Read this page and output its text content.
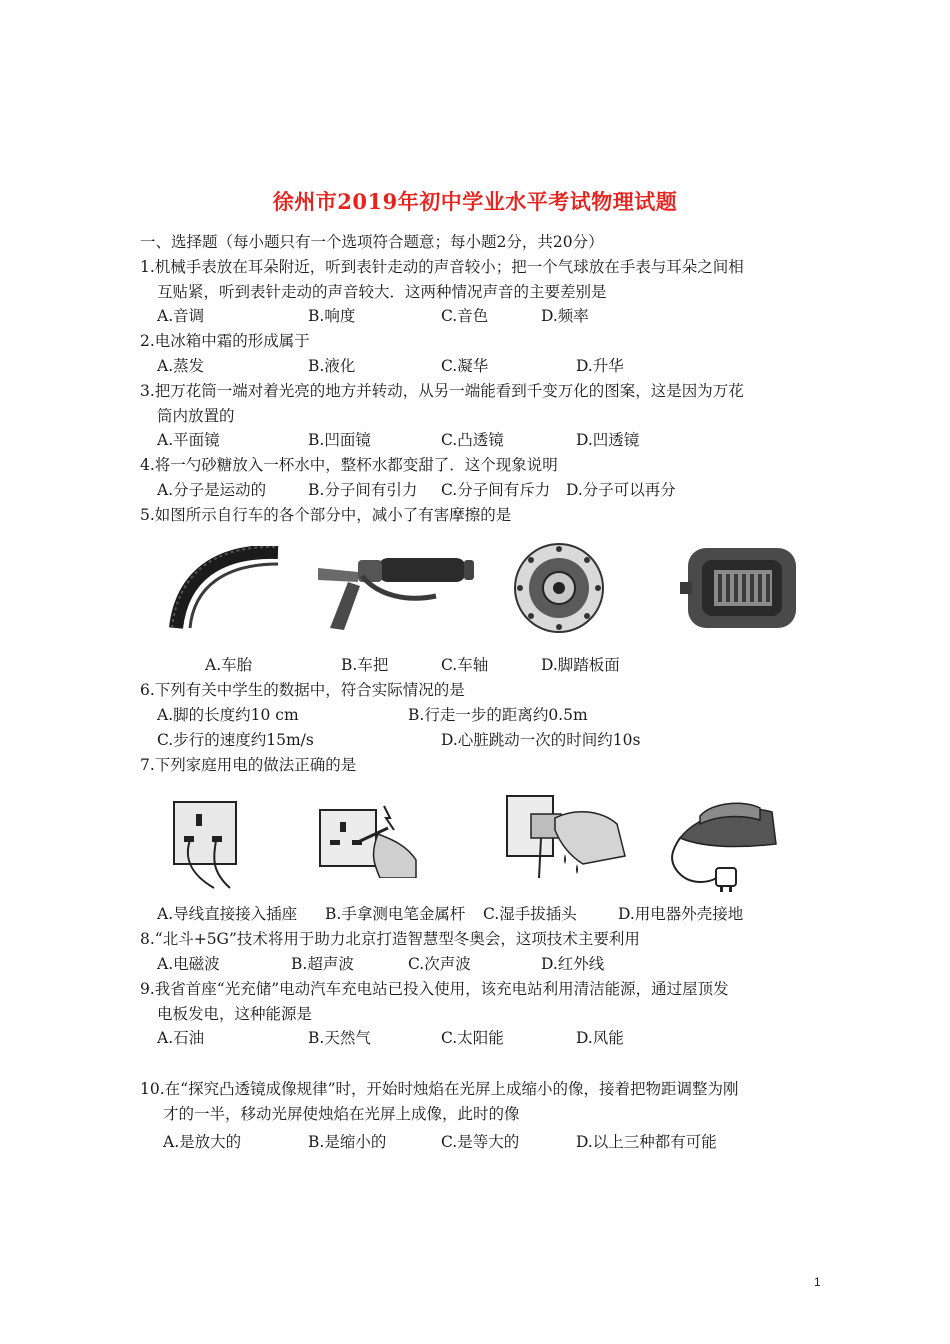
徐州市2019年初中学业水平考试物理试题
一、选择题（每小题只有一个选项符合题意；每小题2分，共20分）
1.机械手表放在耳朵附近，听到表针走动的声音较小；把一个气球放在手表与耳朵之间相
互贴紧，听到表针走动的声音较大．这两种情况声音的主要差别是
A.音调	B.响度	C.音色	D.频率
2.电冰箱中霜的形成属于
A.蒸发	B.液化	C.凝华	D.升华
3.把万花筒一端对着光亮的地方并转动，从另一端能看到千变万化的图案，这是因为万花
筒内放置的
A.平面镜	B.凹面镜	C.凸透镜	D.凹透镜
4.将一勺砂糖放入一杯水中，整杯水都变甜了．这个现象说明
A.分子是运动的	B.分子间有引力 C.分子间有斥力 D.分子可以再分
5.如图所示自行车的各个部分中，减小了有害摩擦的是
A.车胎	B.车把	C.车轴	D.脚踏板面
6.下列有关中学生的数据中，符合实际情况的是
A.脚的长度约10 cm	B.行走一步的距离约0.5m
C.步行的速度约15m/s	D.心脏跳动一次的时间约10s
7.下列家庭用电的做法正确的是
A.导线直接接入插座 B.手拿测电笔金属杆 C.湿手拔插头	D.用电器外壳接地
8.“北斗+5G”技术将用于助力北京打造智慧型冬奥会，这项技术主要利用
A.电磁波	B.超声波	C.次声波	D.红外线
9.我省首座“光充储”电动汽车充电站已投入使用，该充电站利用清洁能源，通过屋顶发
电板发电，这种能源是
A.石油	B.天然气	C.太阳能	D.风能
10.在“探究凸透镜成像规律”时，开始时烛焰在光屏上成缩小的像，接着把物距调整为刚
才的一半，移动光屏使烛焰在光屏上成像，此时的像
A.是放大的	B.是缩小的	C.是等大的	D.以上三种都有可能
1
